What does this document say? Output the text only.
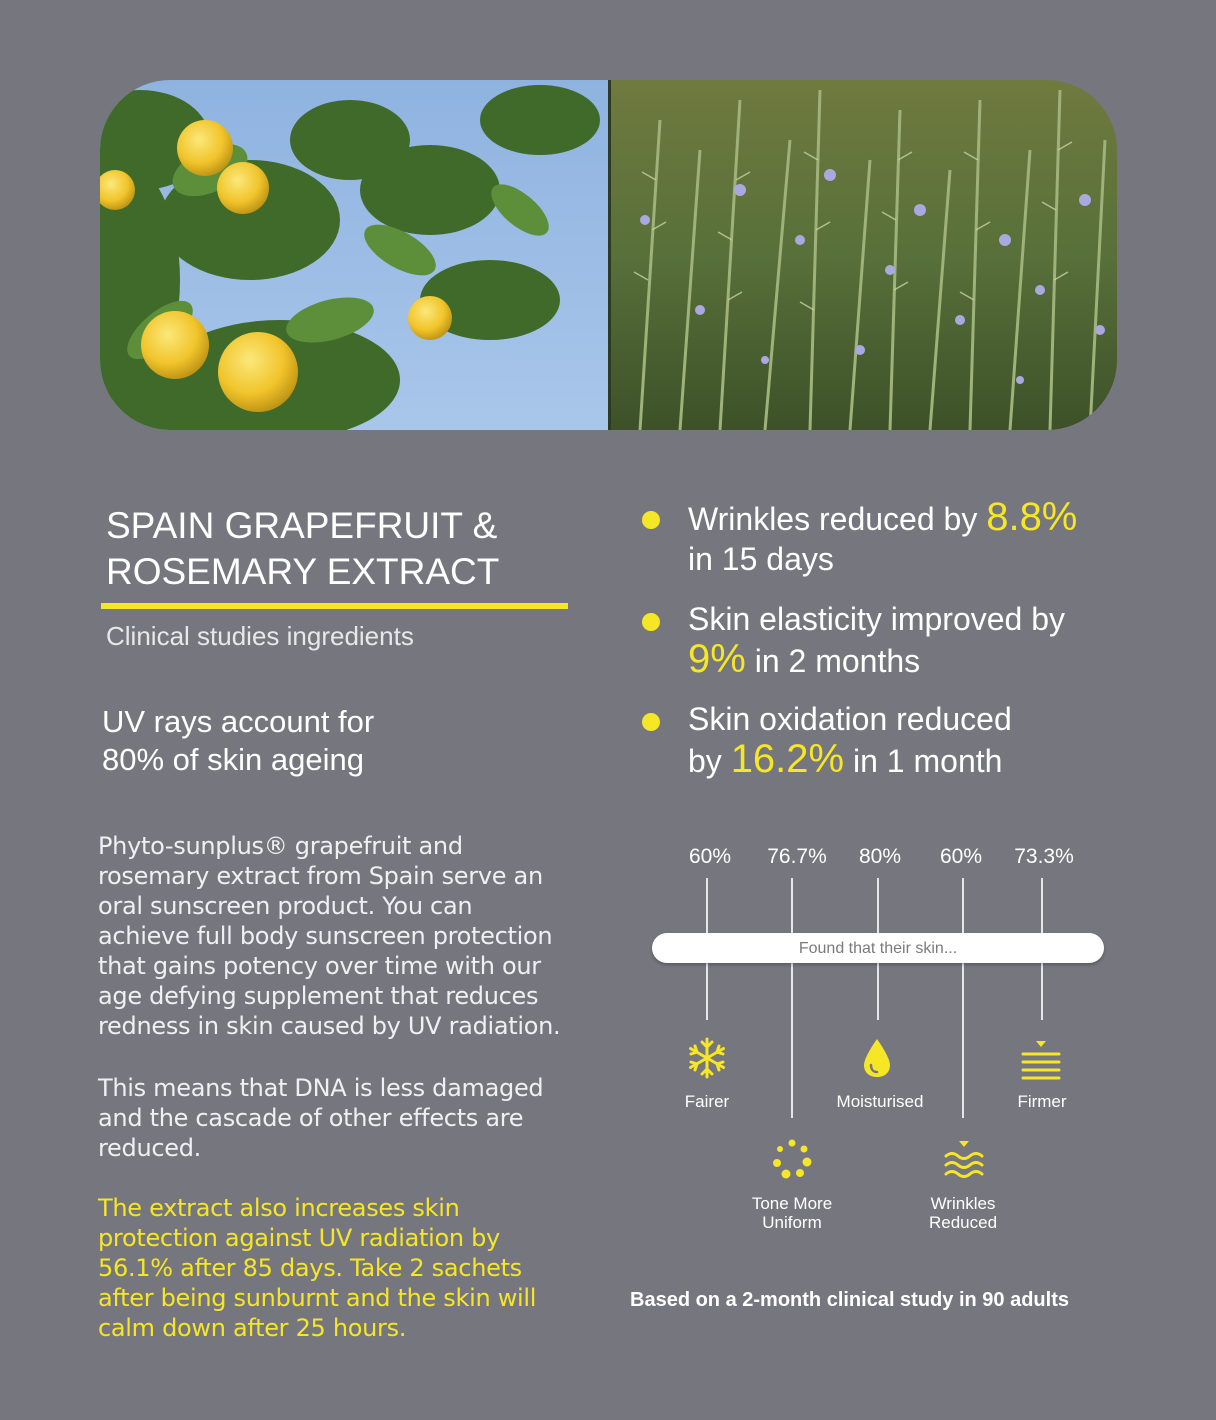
SPAIN GRAPEFRUIT &
ROSEMARY EXTRACT
Clinical studies ingredients
UV rays account for
80% of skin ageing
Phyto-sunplus® grapefruit and rosemary extract from Spain serve an oral sunscreen product. You can achieve full body sunscreen protection that gains potency over time with our age defying supplement that reduces redness in skin caused by UV radiation.
This means that DNA is less damaged and the cascade of other effects are reduced.
The extract also increases skin protection against UV radiation by 56.1% after 85 days. Take 2 sachets after being sunburnt and the skin will calm down after 25 hours.
Wrinkles reduced by 8.8%
in 15 days
Skin elasticity improved by
9% in 2 months
Skin oxidation reduced
by 16.2% in 1 month
60% 76.7% 80% 60% 73.3%
Found that their skin...
Fairer
Tone More
Uniform
Moisturised
Wrinkles
Reduced
Firmer
Based on a 2-month clinical study in 90 adults
